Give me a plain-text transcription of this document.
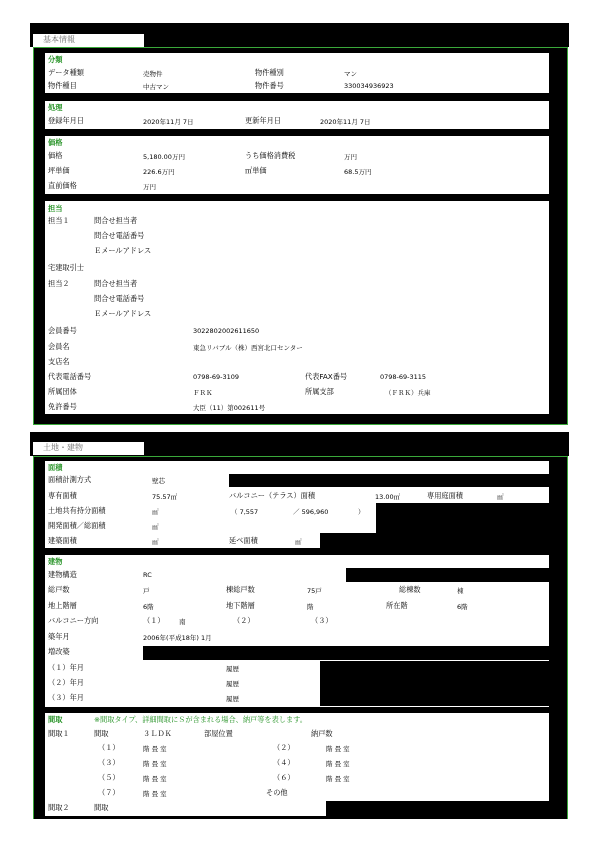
基本情報
分類
データ種類	売物件	物件種別	マン
物件種目	中古マン	物件番号	330034936923
処理
登録年月日	2020年11月 7日	更新年月日	2020年11月 7日
価格
価格	5,180.00万円	うち価格消費税	万円
坪単価	226.6万円	㎡単価	68.5万円
直前価格	万円
担当
担当１	問合せ担当者
問合せ電話番号
Ｅメールアドレス
宅建取引士
担当２	問合せ担当者
問合せ電話番号
Ｅメールアドレス
会員番号	302280200261​1650
会員名	東急リバブル（株）西宮北口センター
支店名
代表電話番号	0798-69-3109	代表FAX番号	0798-69-3115
所属団体	ＦＲＫ	所属支部	（ＦＲＫ）兵庫
免許番号	大臣（11）第002611号
土地・建物
面積
面積計測方式	壁芯
専有面積	75.57㎡	バルコニー（テラス）面積	13.00㎡	専用庭面積	㎡
土地共有持分面積	㎡	（ 7,557	／ 596,960	）
開発面積／総面積	㎡
建築面積	㎡	延べ面積	㎡
建物
建物構造	RC
総戸数	戸	棟総戸数	75戸	総棟数	棟
地上階層	6階	地下階層	階	所在階	6階
バルコニー方向	（１） 南	（２）	（３）
築年月	2006年(平成18年) 1月
増改築
（１）年月	履歴
（２）年月	履歴
（３）年月	履歴
間取	※間取タイプ、詳細間取にＳが含まれる場合、納戸等を表します。
間取１	間取	３ＬＤＫ	部屋位置	納戸数
（１）	階 畳 室	（２）	階 畳 室
（３）	階 畳 室	（４）	階 畳 室
（５）	階 畳 室	（６）	階 畳 室
（７）	階 畳 室	その他
間取２	間取
